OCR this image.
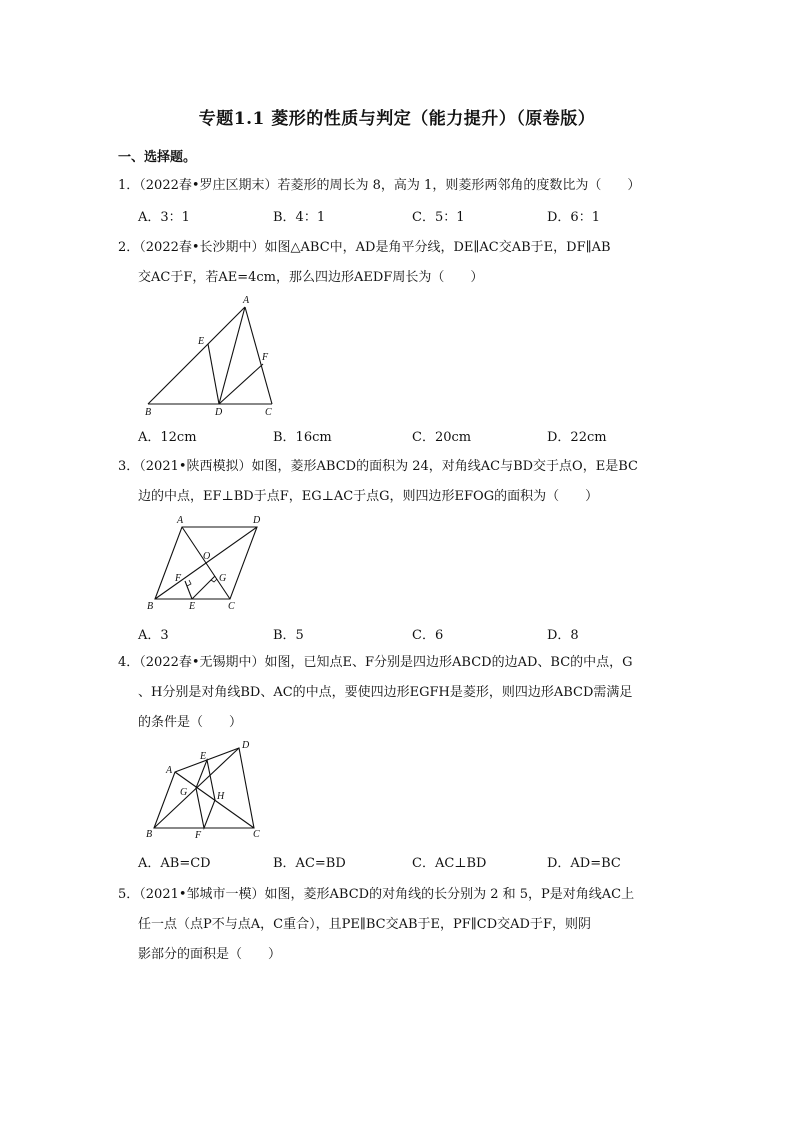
专题1.1 菱形的性质与判定（能力提升）（原卷版）
一、选择题。
1．（2022春•罗庄区期末）若菱形的周长为 8，高为 1，则菱形两邻角的度数比为（　　）
A．3：1	B．4：1	C．5：1	D．6：1
2．（2022春•长沙期中）如图△ABC中，AD是角平分线，DE∥AC交AB于E，DF∥AB
交AC于F，若AE=4cm，那么四边形AEDF周长为（　　）
A
E
F
B	D	C
A．12cm	B．16cm	C．20cm	D．22cm
3．（2021•陕西模拟）如图，菱形ABCD的面积为 24，对角线AC与BD交于点O，E是BC
边的中点，EF⊥BD于点F，EG⊥AC于点G，则四边形EFOG的面积为（　　）
A	D
O
F	G
B	E	C
A．3	B．5	C．6	D．8
4．（2022春•无锡期中）如图，已知点E、F分别是四边形ABCD的边AD、BC的中点，G
、H分别是对角线BD、AC的中点，要使四边形EGFH是菱形，则四边形ABCD需满足
的条件是（　　）
D
E
A
G	H
B	F	C
A．AB=CD	B．AC=BD	C．AC⊥BD	D．AD=BC
5．（2021•邹城市一模）如图，菱形ABCD的对角线的长分别为 2 和 5，P是对角线AC上
任一点（点P不与点A，C重合），且PE∥BC交AB于E，PF∥CD交AD于F，则阴
影部分的面积是（　　）
